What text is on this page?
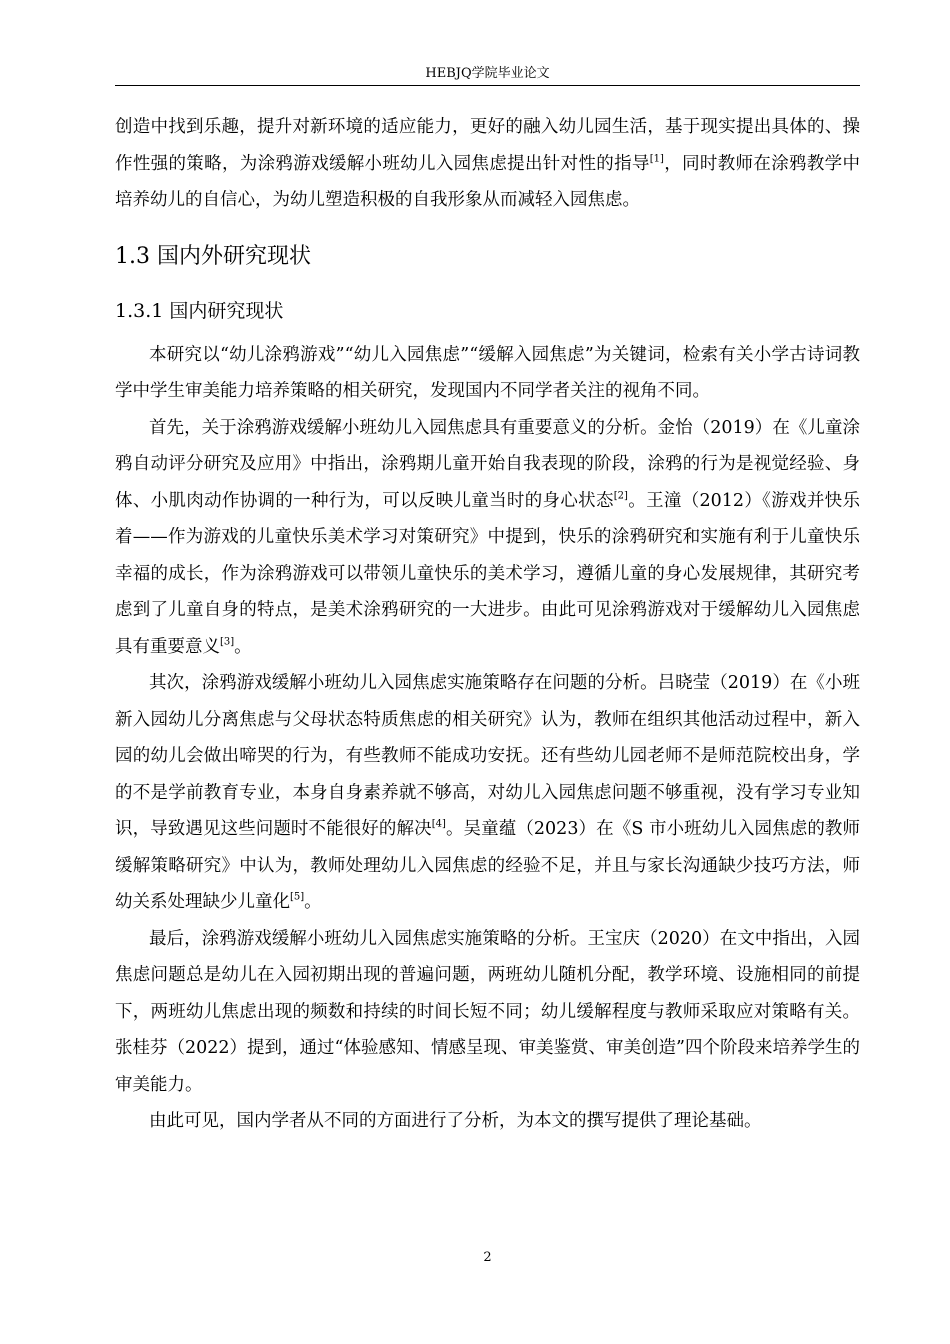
HEBJQ学院毕业论文

创造中找到乐趣，提升对新环境的适应能力，更好的融入幼儿园生活，基于现实提出具体的、操作性强的策略，为涂鸦游戏缓解小班幼儿入园焦虑提出针对性的指导[1]，同时教师在涂鸦教学中培养幼儿的自信心，为幼儿塑造积极的自我形象从而减轻入园焦虑。

1.3 国内外研究现状
1.3.1 国内研究现状

本研究以“幼儿涂鸦游戏”“幼儿入园焦虑”“缓解入园焦虑”为关键词，检索有关小学古诗词教学中学生审美能力培养策略的相关研究，发现国内不同学者关注的视角不同。

首先，关于涂鸦游戏缓解小班幼儿入园焦虑具有重要意义的分析。金怡（2019）在《儿童涂鸦自动评分研究及应用》中指出，涂鸦期儿童开始自我表现的阶段，涂鸦的行为是视觉经验、身体、小肌肉动作协调的一种行为，可以反映儿童当时的身心状态[2]。王潼（2012）《游戏并快乐着——作为游戏的儿童快乐美术学习对策研究》中提到，快乐的涂鸦研究和实施有利于儿童快乐幸福的成长，作为涂鸦游戏可以带领儿童快乐的美术学习，遵循儿童的身心发展规律，其研究考虑到了儿童自身的特点，是美术涂鸦研究的一大进步。由此可见涂鸦游戏对于缓解幼儿入园焦虑具有重要意义[3]。

其次，涂鸦游戏缓解小班幼儿入园焦虑实施策略存在问题的分析。吕晓莹（2019）在《小班新入园幼儿分离焦虑与父母状态特质焦虑的相关研究》认为，教师在组织其他活动过程中，新入园的幼儿会做出啼哭的行为，有些教师不能成功安抚。还有些幼儿园老师不是师范院校出身，学的不是学前教育专业，本身自身素养就不够高，对幼儿入园焦虑问题不够重视，没有学习专业知识，导致遇见这些问题时不能很好的解决[4]。吴童蕴（2023）在《S 市小班幼儿入园焦虑的教师缓解策略研究》中认为，教师处理幼儿入园焦虑的经验不足，并且与家长沟通缺少技巧方法，师幼关系处理缺少儿童化[5]。

最后，涂鸦游戏缓解小班幼儿入园焦虑实施策略的分析。王宝庆（2020）在文中指出，入园焦虑问题总是幼儿在入园初期出现的普遍问题，两班幼儿随机分配，教学环境、设施相同的前提下，两班幼儿焦虑出现的频数和持续的时间长短不同；幼儿缓解程度与教师采取应对策略有关。张桂芬（2022）提到，通过“体验感知、情感呈现、审美鉴赏、审美创造”四个阶段来培养学生的审美能力。

由此可见，国内学者从不同的方面进行了分析，为本文的撰写提供了理论基础。

2
